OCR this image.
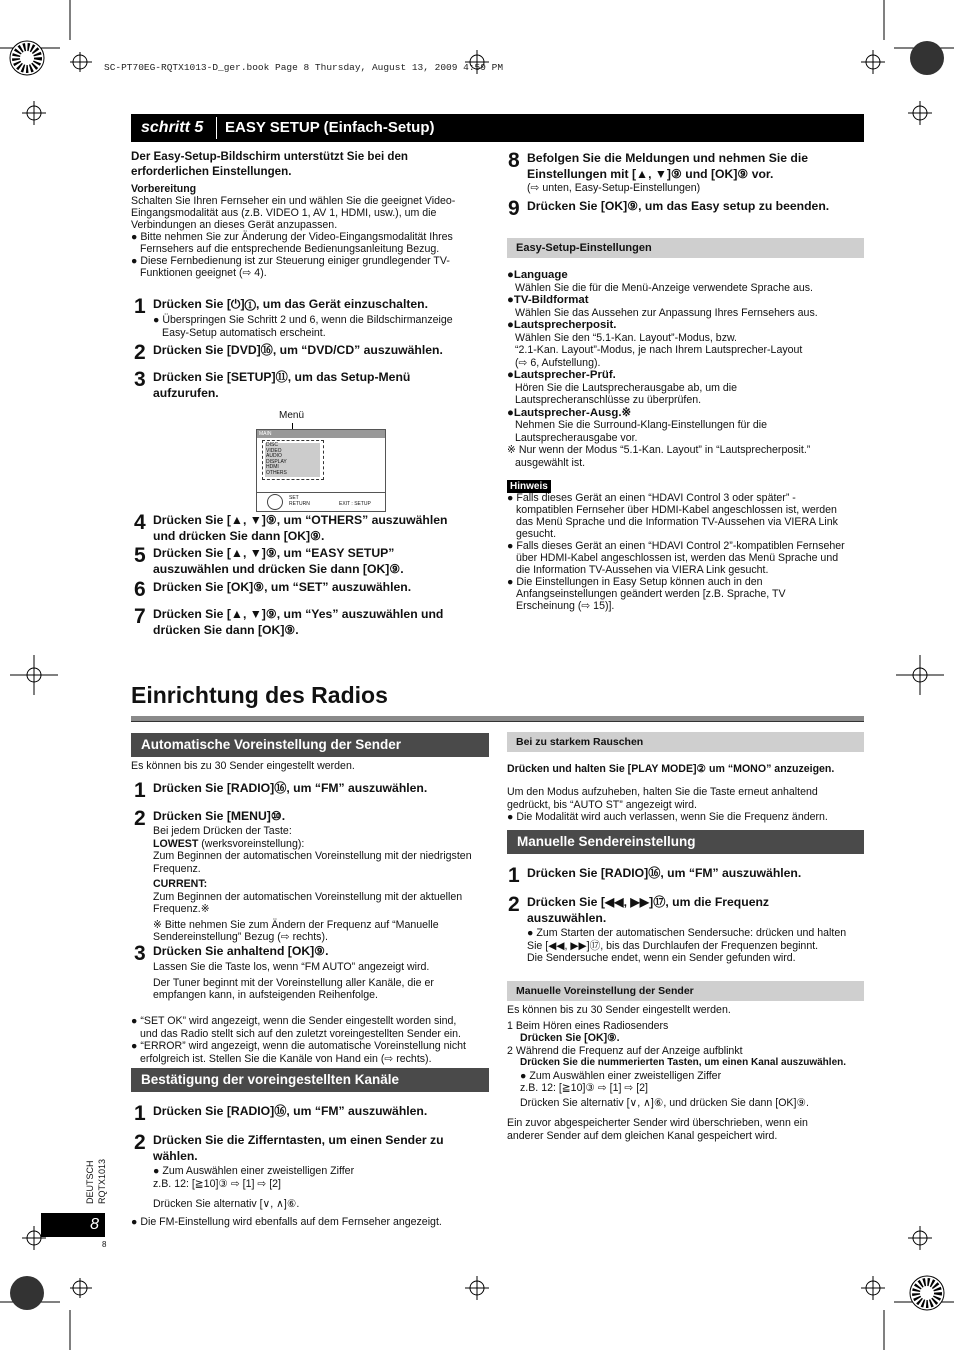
SC-PT70EG-RQTX1013-D_ger.book Page 8 Thursday, August 13, 2009 4:59 PM
schritt 5 EASY SETUP (Einfach-Setup)
Der Easy-Setup-Bildschirm unterstützt Sie bei den
erforderlichen Einstellungen.
Vorbereitung
Schalten Sie Ihren Fernseher ein und wählen Sie die geeignet Video-
Eingangsmodalität aus (z.B. VIDEO 1, AV 1, HDMI, usw.), um die
Verbindungen an dieses Gerät anzupassen.
● Bitte nehmen Sie zur Änderung der Video-Eingangsmodalität Ihres
Fernsehers auf die entsprechende Bedienungsanleitung Bezug.
● Diese Fernbedienung ist zur Steuerung einiger grundlegender TV-
Funktionen geeignet (⇨ 4).
1 Drücken Sie [⏻]①, um das Gerät einzuschalten.
● Überspringen Sie Schritt 2 und 6, wenn die Bildschirmanzeige
Easy-Setup automatisch erscheint.
2 Drücken Sie [DVD]⑯, um “DVD/CD” auszuwählen.
3 Drücken Sie [SETUP]⑪, um das Setup-Menü
aufzurufen.
Menü
MAIN
DISC
VIDEO
AUDIO
DISPLAY
HDMI
OTHERS
SET
RETURN	EXIT : SETUP
4 Drücken Sie [▲, ▼]⑨, um “OTHERS” auszuwählen
und drücken Sie dann [OK]⑨.
5 Drücken Sie [▲, ▼]⑨, um “EASY SETUP”
auszuwählen und drücken Sie dann [OK]⑨.
6 Drücken Sie [OK]⑨, um “SET” auszuwählen.
7 Drücken Sie [▲, ▼]⑨, um “Yes” auszuwählen und
drücken Sie dann [OK]⑨.
8 Befolgen Sie die Meldungen und nehmen Sie die
Einstellungen mit [▲, ▼]⑨ und [OK]⑨ vor.
(⇨ unten, Easy-Setup-Einstellungen)
9 Drücken Sie [OK]⑨, um das Easy setup zu beenden.
Easy-Setup-Einstellungen
●Language
Wählen Sie die für die Menü-Anzeige verwendete Sprache aus.
●TV-Bildformat
Wählen Sie das Aussehen zur Anpassung Ihres Fernsehers aus.
●Lautsprecherposit.
Wählen Sie den “5.1-Kan. Layout”-Modus, bzw.
“2.1-Kan. Layout”-Modus, je nach Ihrem Lautsprecher-Layout
(⇨ 6, Aufstellung).
●Lautsprecher-Prüf.
Hören Sie die Lautsprecherausgabe ab, um die
Lautsprecheranschlüsse zu überprüfen.
●Lautsprecher-Ausg.※
Nehmen Sie die Surround-Klang-Einstellungen für die
Lautsprecherausgabe vor.
※ Nur wenn der Modus “5.1-Kan. Layout” in “Lautsprecherposit.”
ausgewählt ist.
Hinweis
● Falls dieses Gerät an einen “HDAVI Control 3 oder später” -
kompatiblen Fernseher über HDMI-Kabel angeschlossen ist, werden
das Menü Sprache und die Information TV-Aussehen via VIERA Link
gesucht.
● Falls dieses Gerät an einen “HDAVI Control 2”-kompatiblen Fernseher
über HDMI-Kabel angeschlossen ist, werden das Menü Sprache und
die Information TV-Aussehen via VIERA Link gesucht.
● Die Einstellungen in Easy Setup können auch in den
Anfangseinstellungen geändert werden [z.B. Sprache, TV
Erscheinung (⇨ 15)].
Einrichtung des Radios
Automatische Voreinstellung der Sender
Es können bis zu 30 Sender eingestellt werden.
1 Drücken Sie [RADIO]⑯, um “FM” auszuwählen.
2 Drücken Sie [MENU]⑩.
Bei jedem Drücken der Taste:
LOWEST (werksvoreinstellung):
Zum Beginnen der automatischen Voreinstellung mit der niedrigsten
Frequenz.
CURRENT:
Zum Beginnen der automatischen Voreinstellung mit der aktuellen
Frequenz.※
※ Bitte nehmen Sie zum Ändern der Frequenz auf “Manuelle
Sendereinstellung” Bezug (⇨ rechts).
3 Drücken Sie anhaltend [OK]⑨.
Lassen Sie die Taste los, wenn “FM AUTO” angezeigt wird.
Der Tuner beginnt mit der Voreinstellung aller Kanäle, die er
empfangen kann, in aufsteigenden Reihenfolge.
● “SET OK” wird angezeigt, wenn die Sender eingestellt worden sind,
und das Radio stellt sich auf den zuletzt voreingestellten Sender ein.
● “ERROR” wird angezeigt, wenn die automatische Voreinstellung nicht
erfolgreich ist. Stellen Sie die Kanäle von Hand ein (⇨ rechts).
Bestätigung der voreingestellten Kanäle
1 Drücken Sie [RADIO]⑯, um “FM” auszuwählen.
2 Drücken Sie die Zifferntasten, um einen Sender zu
wählen.
● Zum Auswählen einer zweistelligen Ziffer
z.B. 12: [≧10]③ ⇨ [1] ⇨ [2]
Drücken Sie alternativ [∨, ∧]⑥.
● Die FM-Einstellung wird ebenfalls auf dem Fernseher angezeigt.
Bei zu starkem Rauschen
Drücken und halten Sie [PLAY MODE]② um “MONO” anzuzeigen.
Um den Modus aufzuheben, halten Sie die Taste erneut anhaltend
gedrückt, bis “AUTO ST” angezeigt wird.
● Die Modalität wird auch verlassen, wenn Sie die Frequenz ändern.
Manuelle Sendereinstellung
1 Drücken Sie [RADIO]⑯, um “FM” auszuwählen.
2 Drücken Sie [◀◀, ▶▶]⑰, um die Frequenz
auszuwählen.
● Zum Starten der automatischen Sendersuche: drücken und halten
Sie [◀◀, ▶▶]⑰, bis das Durchlaufen der Frequenzen beginnt.
Die Sendersuche endet, wenn ein Sender gefunden wird.
Manuelle Voreinstellung der Sender
Es können bis zu 30 Sender eingestellt werden.
1 Beim Hören eines Radiosenders
Drücken Sie [OK]⑨.
2 Während die Frequenz auf der Anzeige aufblinkt
Drücken Sie die nummerierten Tasten, um einen Kanal auszuwählen.
● Zum Auswählen einer zweistelligen Ziffer
z.B. 12: [≧10]③ ⇨ [1] ⇨ [2]
Drücken Sie alternativ [∨, ∧]⑥, und drücken Sie dann [OK]⑨.
Ein zuvor abgespeicherter Sender wird überschrieben, wenn ein
anderer Sender auf dem gleichen Kanal gespeichert wird.
DEUTSCH RQTX1013
8
8
